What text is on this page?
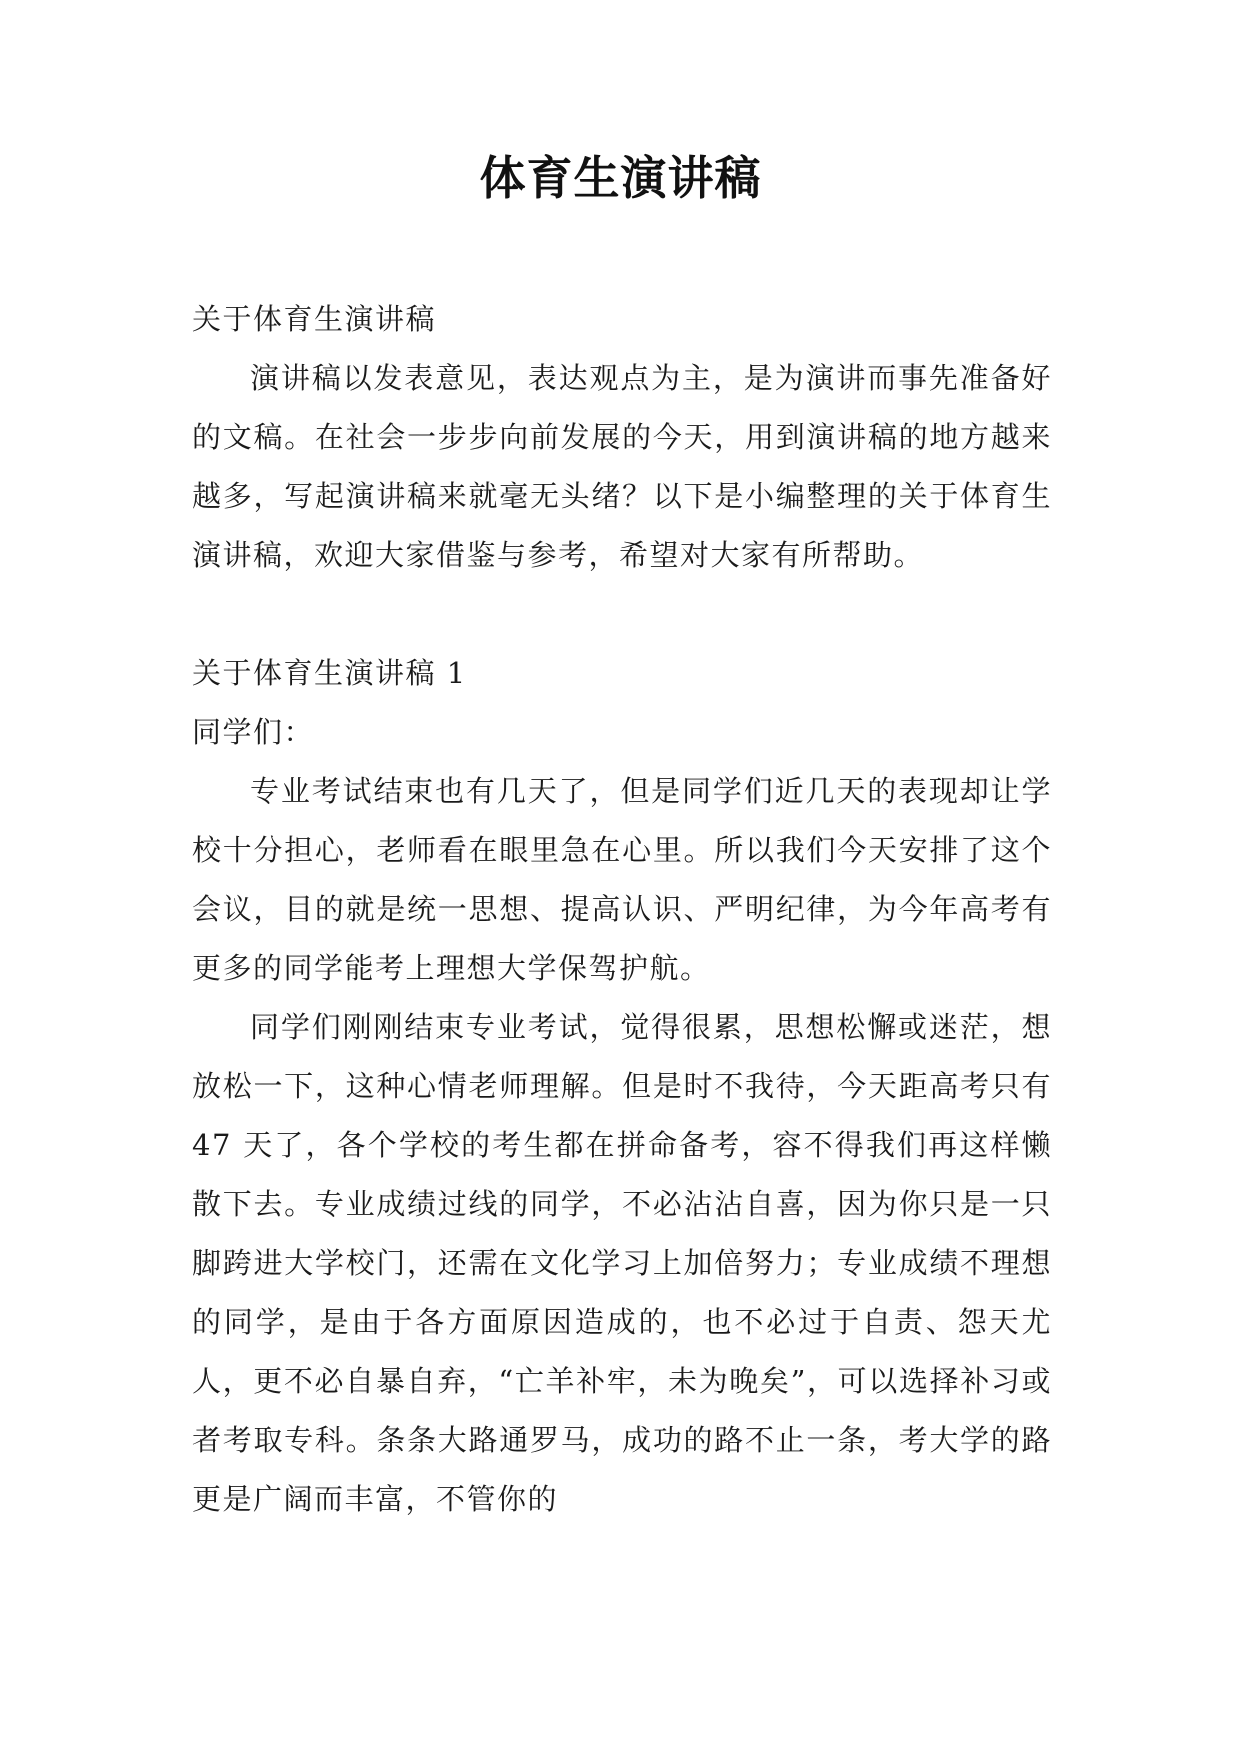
体育生演讲稿

关于体育生演讲稿

演讲稿以发表意见，表达观点为主，是为演讲而事先准备好的文稿。在社会一步步向前发展的今天，用到演讲稿的地方越来越多，写起演讲稿来就毫无头绪？以下是小编整理的关于体育生演讲稿，欢迎大家借鉴与参考，希望对大家有所帮助。

关于体育生演讲稿 1

同学们：

专业考试结束也有几天了，但是同学们近几天的表现却让学校十分担心，老师看在眼里急在心里。所以我们今天安排了这个会议，目的就是统一思想、提高认识、严明纪律，为今年高考有更多的同学能考上理想大学保驾护航。

同学们刚刚结束专业考试，觉得很累，思想松懈或迷茫，想放松一下，这种心情老师理解。但是时不我待，今天距高考只有 47 天了，各个学校的考生都在拼命备考，容不得我们再这样懒散下去。专业成绩过线的同学，不必沾沾自喜，因为你只是一只脚跨进大学校门，还需在文化学习上加倍努力；专业成绩不理想的同学，是由于各方面原因造成的，也不必过于自责、怨天尤人，更不必自暴自弃，“亡羊补牢，未为晚矣”，可以选择补习或者考取专科。条条大路通罗马，成功的路不止一条，考大学的路更是广阔而丰富，不管你的
